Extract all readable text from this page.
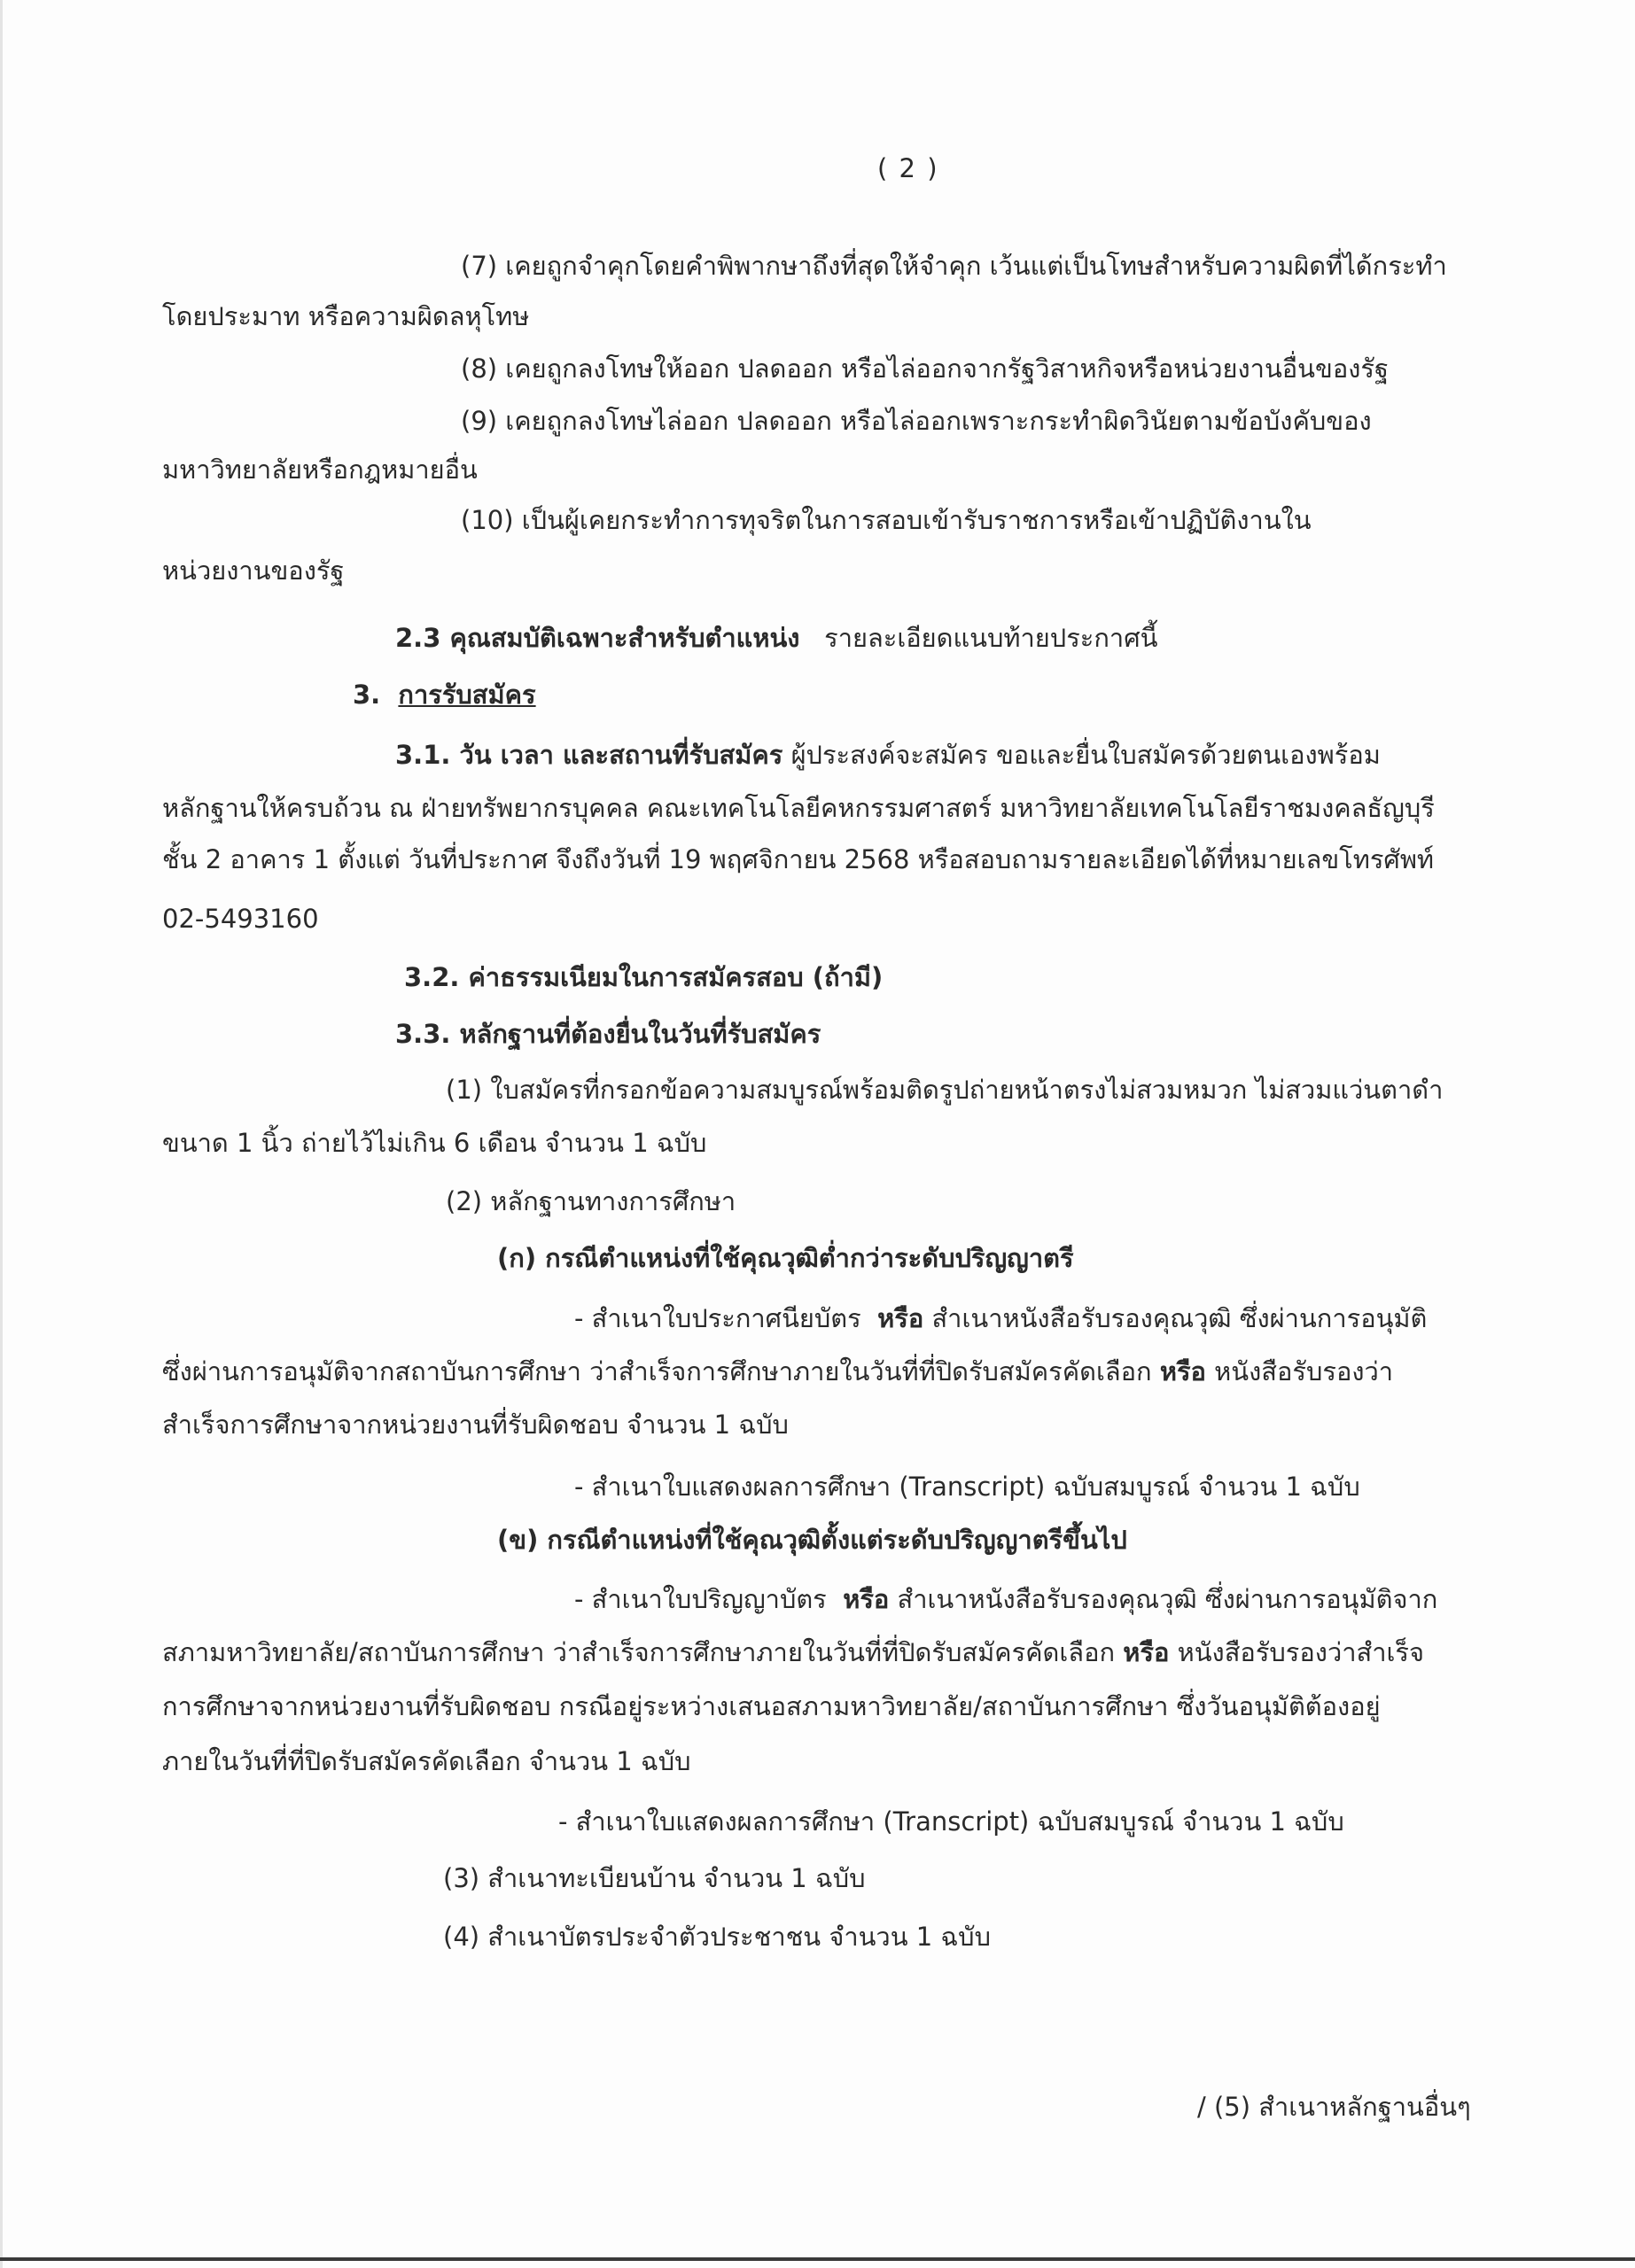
( 2 )
(7) เคยถูกจำคุกโดยคำพิพากษาถึงที่สุดให้จำคุก เว้นแต่เป็นโทษสำหรับความผิดที่ได้กระทำ
โดยประมาท หรือความผิดลหุโทษ
(8) เคยถูกลงโทษให้ออก ปลดออก หรือไล่ออกจากรัฐวิสาหกิจหรือหน่วยงานอื่นของรัฐ
(9) เคยถูกลงโทษไล่ออก ปลดออก หรือไล่ออกเพราะกระทำผิดวินัยตามข้อบังคับของ
มหาวิทยาลัยหรือกฎหมายอื่น
(10) เป็นผู้เคยกระทำการทุจริตในการสอบเข้ารับราชการหรือเข้าปฏิบัติงานใน
หน่วยงานของรัฐ
2.3 คุณสมบัติเฉพาะสำหรับตำแหน่ง รายละเอียดแนบท้ายประกาศนี้
3. การรับสมัคร
3.1. วัน เวลา และสถานที่รับสมัคร ผู้ประสงค์จะสมัคร ขอและยื่นใบสมัครด้วยตนเองพร้อม
หลักฐานให้ครบถ้วน ณ ฝ่ายทรัพยากรบุคคล คณะเทคโนโลยีคหกรรมศาสตร์ มหาวิทยาลัยเทคโนโลยีราชมงคลธัญบุรี
ชั้น 2 อาคาร 1 ตั้งแต่ วันที่ประกาศ จึงถึงวันที่ 19 พฤศจิกายน 2568 หรือสอบถามรายละเอียดได้ที่หมายเลขโทรศัพท์
02-5493160
3.2. ค่าธรรมเนียมในการสมัครสอบ (ถ้ามี)
3.3. หลักฐานที่ต้องยื่นในวันที่รับสมัคร
(1) ใบสมัครที่กรอกข้อความสมบูรณ์พร้อมติดรูปถ่ายหน้าตรงไม่สวมหมวก ไม่สวมแว่นตาดำ
ขนาด 1 นิ้ว ถ่ายไว้ไม่เกิน 6 เดือน จำนวน 1 ฉบับ
(2) หลักฐานทางการศึกษา
(ก) กรณีตำแหน่งที่ใช้คุณวุฒิต่ำกว่าระดับปริญญาตรี
- สำเนาใบประกาศนียบัตร หรือ สำเนาหนังสือรับรองคุณวุฒิ ซึ่งผ่านการอนุมัติ
ซึ่งผ่านการอนุมัติจากสถาบันการศึกษา ว่าสำเร็จการศึกษาภายในวันที่ที่ปิดรับสมัครคัดเลือก หรือ หนังสือรับรองว่า
สำเร็จการศึกษาจากหน่วยงานที่รับผิดชอบ จำนวน 1 ฉบับ
- สำเนาใบแสดงผลการศึกษา (Transcript) ฉบับสมบูรณ์ จำนวน 1 ฉบับ
(ข) กรณีตำแหน่งที่ใช้คุณวุฒิตั้งแต่ระดับปริญญาตรีขึ้นไป
- สำเนาใบปริญญาบัตร หรือ สำเนาหนังสือรับรองคุณวุฒิ ซึ่งผ่านการอนุมัติจาก
สภามหาวิทยาลัย/สถาบันการศึกษา ว่าสำเร็จการศึกษาภายในวันที่ที่ปิดรับสมัครคัดเลือก หรือ หนังสือรับรองว่าสำเร็จ
การศึกษาจากหน่วยงานที่รับผิดชอบ กรณีอยู่ระหว่างเสนอสภามหาวิทยาลัย/สถาบันการศึกษา ซึ่งวันอนุมัติต้องอยู่
ภายในวันที่ที่ปิดรับสมัครคัดเลือก จำนวน 1 ฉบับ
- สำเนาใบแสดงผลการศึกษา (Transcript) ฉบับสมบูรณ์ จำนวน 1 ฉบับ
(3) สำเนาทะเบียนบ้าน จำนวน 1 ฉบับ
(4) สำเนาบัตรประจำตัวประชาชน จำนวน 1 ฉบับ
/ (5) สำเนาหลักฐานอื่นๆ
